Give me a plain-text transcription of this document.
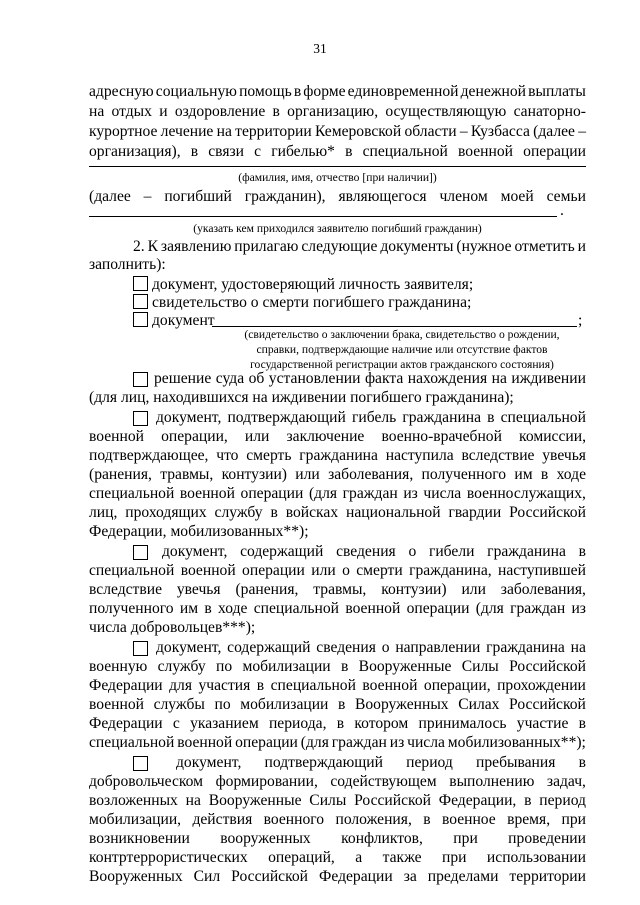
31
адресную социальную помощь в форме единовременной денежной выплаты
на отдых и оздоровление в организацию, осуществляющую санаторно-
курортное лечение на территории Кемеровской области – Кузбасса (далее –
организация), в связи с гибелью* в специальной военной операции
(фамилия, имя, отчество [при наличии])
(далее – погибший гражданин), являющегося членом моей семьи
.
(указать кем приходился заявителю погибший гражданин)
2. К заявлению прилагаю следующие документы (нужное отметить и
заполнить):
документ, удостоверяющий личность заявителя;
свидетельство о смерти погибшего гражданина;
документ	;
(свидетельство о заключении брака, свидетельство о рождении,
справки, подтверждающие наличие или отсутствие фактов
государственной регистрации актов гражданского состояния)
решение суда об установлении факта нахождения на иждивении
(для лиц, находившихся на иждивении погибшего гражданина);
документ, подтверждающий гибель гражданина в специальной
военной операции, или заключение военно-врачебной комиссии,
подтверждающее, что смерть гражданина наступила вследствие увечья
(ранения, травмы, контузии) или заболевания, полученного им в ходе
специальной военной операции (для граждан из числа военнослужащих,
лиц, проходящих службу в войсках национальной гвардии Российской
Федерации, мобилизованных**);
документ, содержащий сведения о гибели гражданина в
специальной военной операции или о смерти гражданина, наступившей
вследствие увечья (ранения, травмы, контузии) или заболевания,
полученного им в ходе специальной военной операции (для граждан из
числа добровольцев***);
документ, содержащий сведения о направлении гражданина на
военную службу по мобилизации в Вооруженные Силы Российской
Федерации для участия в специальной военной операции, прохождении
военной службы по мобилизации в Вооруженных Силах Российской
Федерации с указанием периода, в котором принималось участие в
специальной военной операции (для граждан из числа мобилизованных**);
документ, подтверждающий период пребывания в
добровольческом формировании, содействующем выполнению задач,
возложенных на Вооруженные Силы Российской Федерации, в период
мобилизации, действия военного положения, в военное время, при
возникновении вооруженных конфликтов, при проведении
контртеррористических операций, а также при использовании
Вооруженных Сил Российской Федерации за пределами территории
